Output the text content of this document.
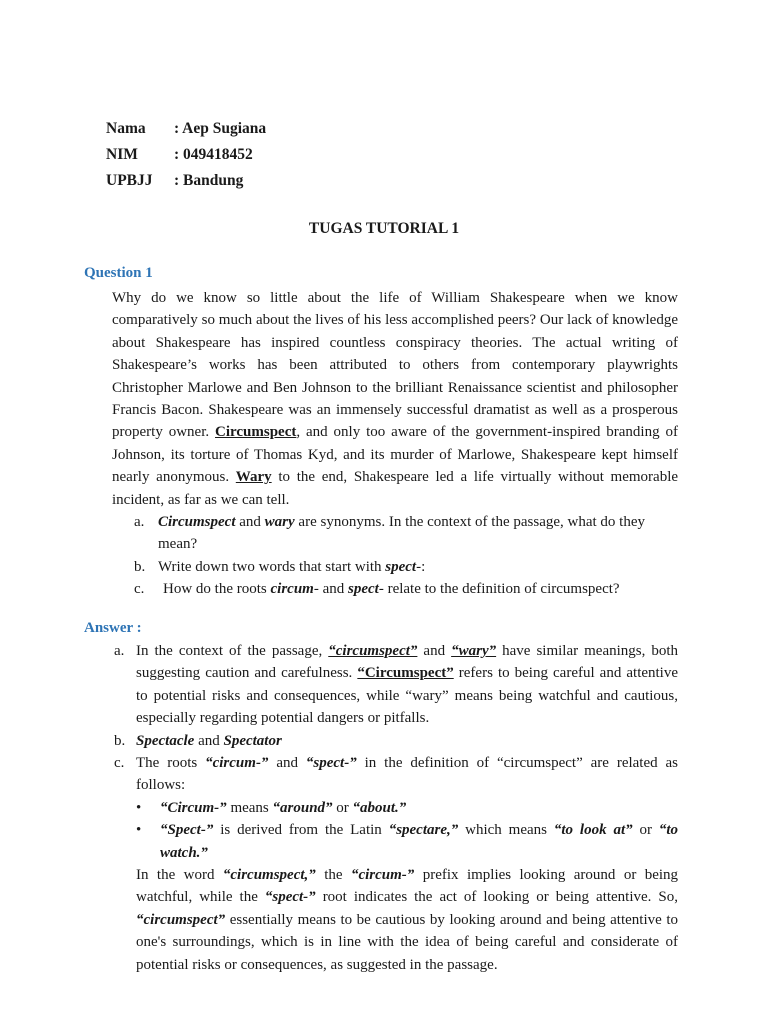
Nama	: Aep Sugiana
NIM	: 049418452
UPBJJ	: Bandung
TUGAS TUTORIAL 1
Question 1

Why do we know so little about the life of William Shakespeare when we know comparatively so much about the lives of his less accomplished peers? Our lack of knowledge about Shakespeare has inspired countless conspiracy theories. The actual writing of Shakespeare’s works has been attributed to others from contemporary playwrights Christopher Marlowe and Ben Johnson to the brilliant Renaissance scientist and philosopher Francis Bacon. Shakespeare was an immensely successful dramatist as well as a prosperous property owner. Circumspect, and only too aware of the government-inspired branding of Johnson, its torture of Thomas Kyd, and its murder of Marlowe, Shakespeare kept himself nearly anonymous. Wary to the end, Shakespeare led a life virtually without memorable incident, as far as we can tell.

a. Circumspect and wary are synonyms. In the context of the passage, what do they mean?
b. Write down two words that start with spect-:
c. How do the roots circum- and spect- relate to the definition of circumspect?
Answer :
a. In the context of the passage, “circumspect” and “wary” have similar meanings, both suggesting caution and carefulness. “Circumspect” refers to being careful and attentive to potential risks and consequences, while “wary” means being watchful and cautious, especially regarding potential dangers or pitfalls.
b. Spectacle and Spectator
c. The roots “circum-” and “spect-” in the definition of “circumspect” are related as follows:
• “Circum-” means “around” or “about.”
• “Spect-” is derived from the Latin “spectare,” which means “to look at” or “to watch.”
In the word “circumspect,” the “circum-” prefix implies looking around or being watchful, while the “spect-” root indicates the act of looking or being attentive. So, “circumspect” essentially means to be cautious by looking around and being attentive to one's surroundings, which is in line with the idea of being careful and considerate of potential risks or consequences, as suggested in the passage.
